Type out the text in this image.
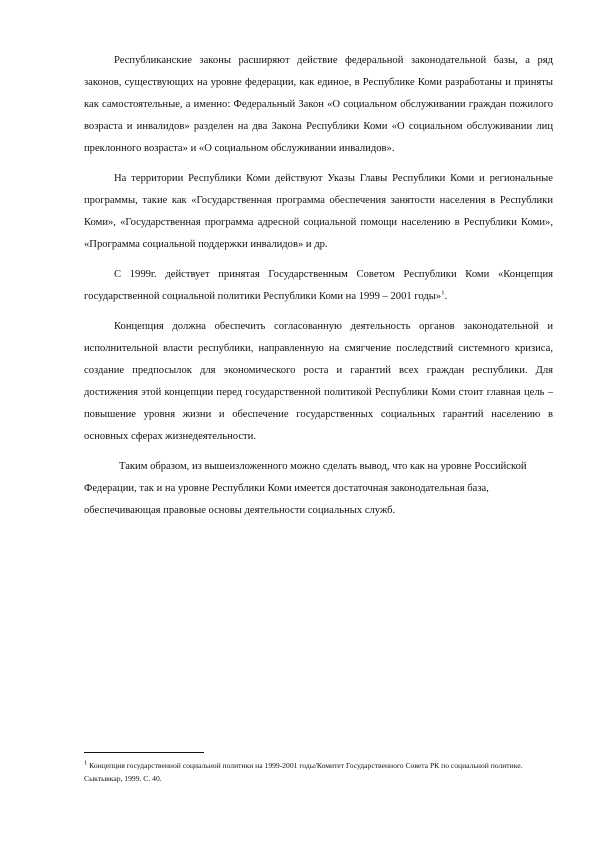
Республиканские законы расширяют действие федеральной законодательной базы, а ряд законов, существующих на уровне федерации, как единое, в Республике Коми разработаны и приняты как самостоятельные, а именно: Федеральный Закон «О социальном обслуживании граждан пожилого возраста и инвалидов» разделен на два Закона Республики Коми «О социальном обслуживании лиц преклонного возраста» и «О социальном обслуживании инвалидов».

На территории Республики Коми действуют Указы Главы Республики Коми и региональные программы, такие как «Государственная программа обеспечения занятости населения в Республики Коми», «Государственная программа адресной социальной помощи населению в Республики Коми», «Программа социальной поддержки инвалидов» и др.

С 1999г. действует принятая Государственным Советом Республики Коми «Концепция государственной социальной политики Республики Коми на 1999 – 2001 годы»$^1$.

Концепция должна обеспечить согласованную деятельность органов законодательной и исполнительной власти республики, направленную на смягчение последствий системного кризиса, создание предпосылок для экономического роста и гарантий всех граждан республики. Для достижения этой концепции перед государственной политикой Республики Коми стоит главная цель – повышение уровня жизни и обеспечение государственных социальных гарантий населению в основных сферах жизнедеятельности.

Таким образом, из вышеизложенного можно сделать вывод, что как на уровне Российской Федерации, так и на уровне Республики Коми имеется достаточная законодательная база, обеспечивающая правовые основы деятельности социальных служб.

$^1$ Концепция государственной социальной политики на 1999-2001 годы/Комитет Государственного Совета РК по социальной политике. Сыктывкар, 1999. С. 40.
